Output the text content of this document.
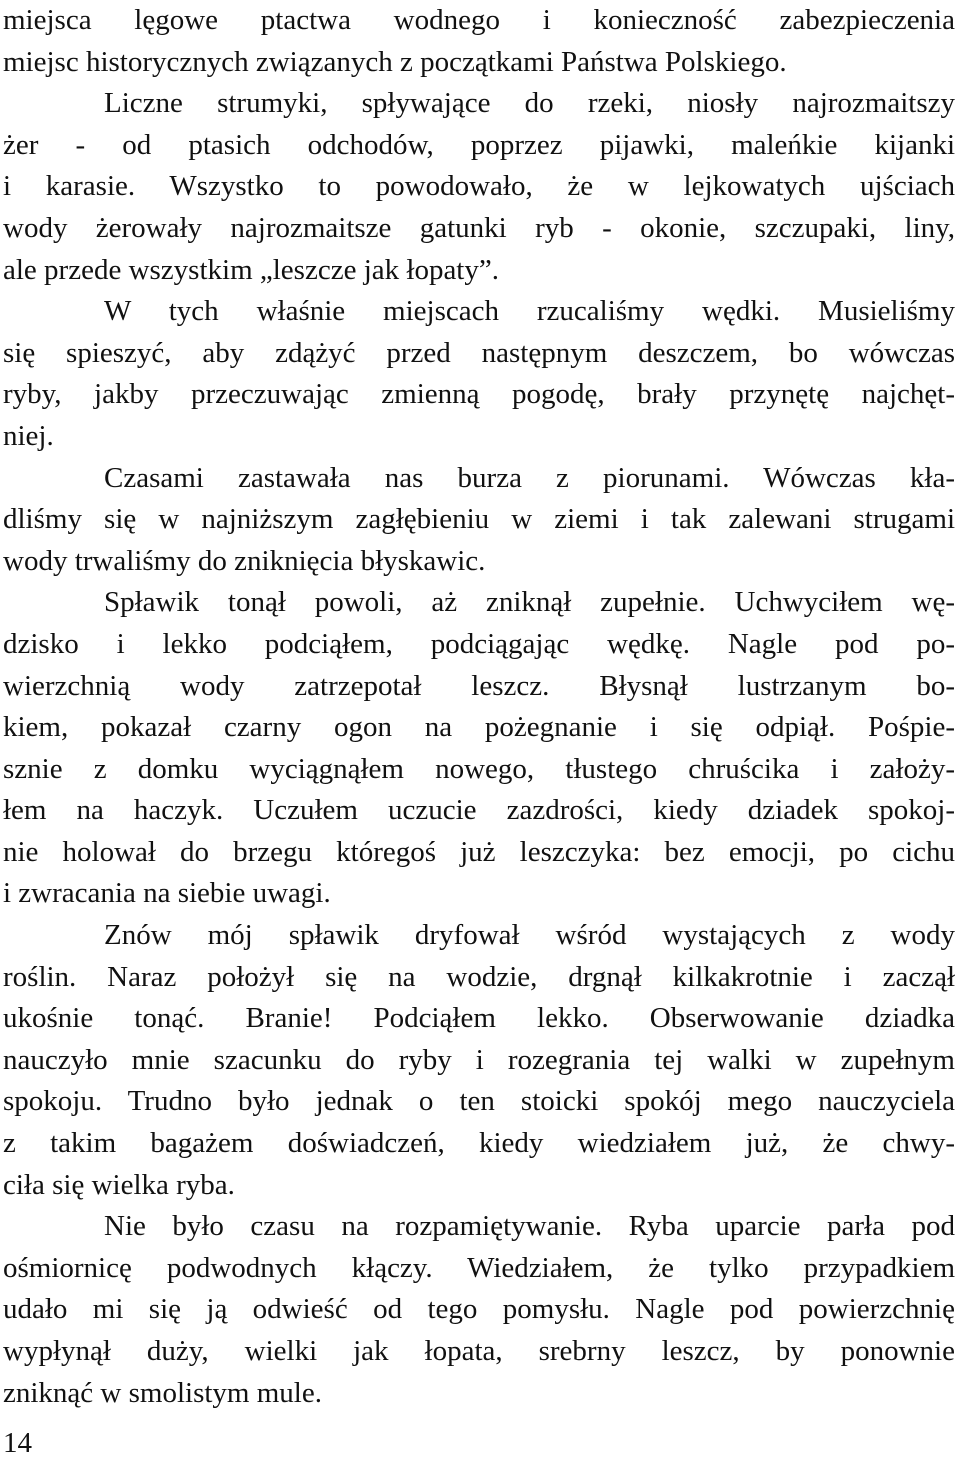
miejsca lęgowe ptactwa wodnego i konieczność zabezpieczenia
miejsc historycznych związanych z początkami Państwa Polskiego.
Liczne strumyki, spływające do rzeki, niosły najrozmaitszy
żer - od ptasich odchodów, poprzez pijawki, maleńkie kijanki
i karasie. Wszystko to powodowało, że w lejkowatych ujściach
wody żerowały najrozmaitsze gatunki ryb - okonie, szczupaki, liny,
ale przede wszystkim „leszcze jak łopaty”.
W tych właśnie miejscach rzucaliśmy wędki. Musieliśmy
się spieszyć, aby zdążyć przed następnym deszczem, bo wówczas
ryby, jakby przeczuwając zmienną pogodę, brały przynętę najchęt-
niej.
Czasami zastawała nas burza z piorunami. Wówczas kła-
dliśmy się w najniższym zagłębieniu w ziemi i tak zalewani strugami
wody trwaliśmy do zniknięcia błyskawic.
Spławik tonął powoli, aż zniknął zupełnie. Uchwyciłem wę-
dzisko i lekko podciąłem, podciągając wędkę. Nagle pod po-
wierzchnią wody zatrzepotał leszcz. Błysnął lustrzanym bo-
kiem, pokazał czarny ogon na pożegnanie i się odpiął. Pośpie-
sznie z domku wyciągnąłem nowego, tłustego chruścika i założy-
łem na haczyk. Uczułem uczucie zazdrości, kiedy dziadek spokoj-
nie holował do brzegu któregoś już leszczyka: bez emocji, po cichu
i zwracania na siebie uwagi.
Znów mój spławik dryfował wśród wystających z wody
roślin. Naraz położył się na wodzie, drgnął kilkakrotnie i zaczął
ukośnie tonąć. Branie! Podciąłem lekko. Obserwowanie dziadka
nauczyło mnie szacunku do ryby i rozegrania tej walki w zupełnym
spokoju. Trudno było jednak o ten stoicki spokój mego nauczyciela
z takim bagażem doświadczeń, kiedy wiedziałem już, że chwy-
ciła się wielka ryba.
Nie było czasu na rozpamiętywanie. Ryba uparcie parła pod
ośmiornicę podwodnych kłączy. Wiedziałem, że tylko przypadkiem
udało mi się ją odwieść od tego pomysłu. Nagle pod powierzchnię
wypłynął duży, wielki jak łopata, srebrny leszcz, by ponownie
zniknąć w smolistym mule.
14
